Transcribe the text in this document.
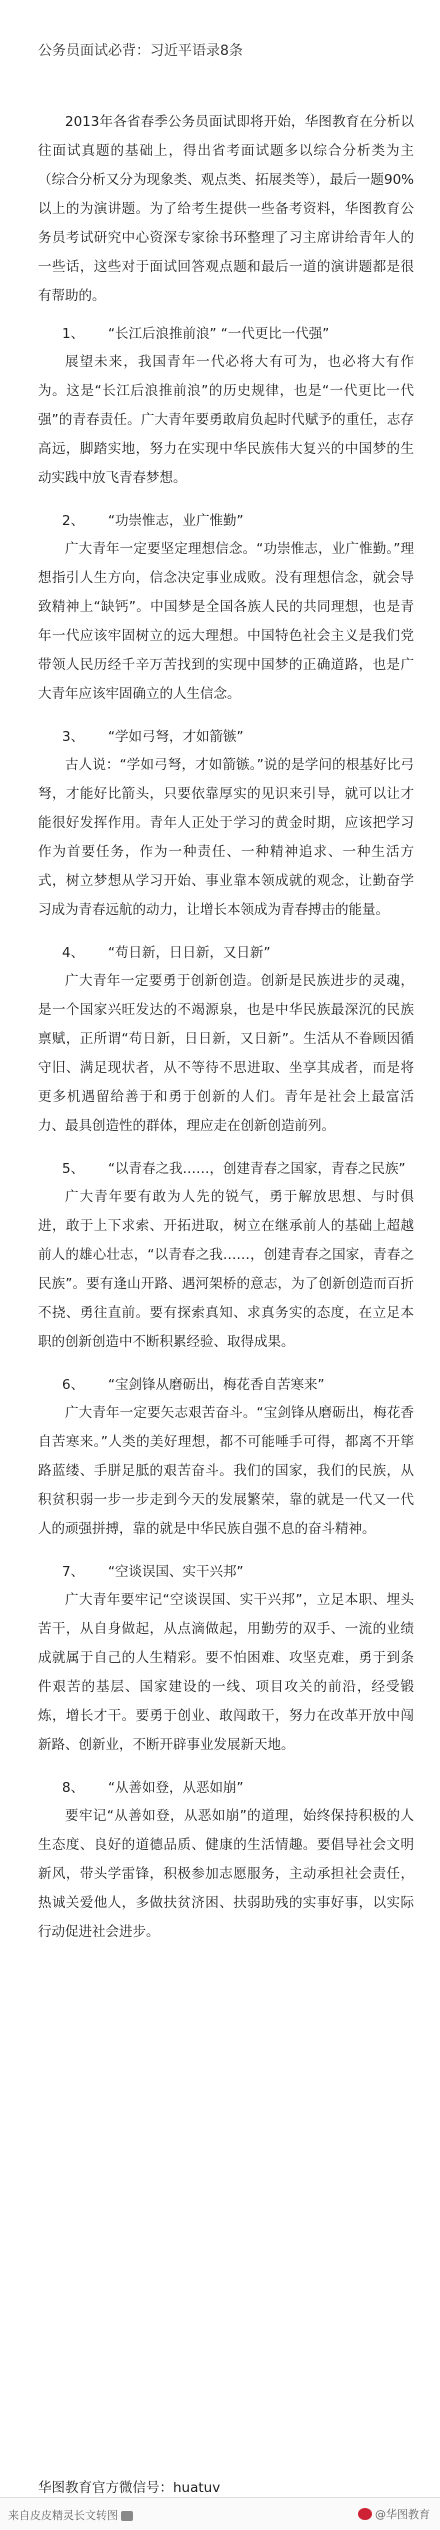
公务员面试必背：习近平语录8条

2013年各省春季公务员面试即将开始，华图教育在分析以往面试真题的基础上，得出省考面试题多以综合分析类为主（综合分析又分为现象类、观点类、拓展类等），最后一题90%以上的为演讲题。为了给考生提供一些备考资料，华图教育公务员考试研究中心资深专家徐书环整理了习主席讲给青年人的一些话，这些对于面试回答观点题和最后一道的演讲题都是很有帮助的。

1、 “长江后浪推前浪” “一代更比一代强”

展望未来，我国青年一代必将大有可为，也必将大有作为。这是“长江后浪推前浪”的历史规律，也是“一代更比一代强”的青春责任。广大青年要勇敢肩负起时代赋予的重任，志存高远，脚踏实地，努力在实现中华民族伟大复兴的中国梦的生动实践中放飞青春梦想。

2、 “功崇惟志，业广惟勤”

广大青年一定要坚定理想信念。“功崇惟志，业广惟勤。”理想指引人生方向，信念决定事业成败。没有理想信念，就会导致精神上“缺钙”。中国梦是全国各族人民的共同理想，也是青年一代应该牢固树立的远大理想。中国特色社会主义是我们党带领人民历经千辛万苦找到的实现中国梦的正确道路，也是广大青年应该牢固确立的人生信念。

3、 “学如弓弩，才如箭镞”

古人说：“学如弓弩，才如箭镞。”说的是学问的根基好比弓弩，才能好比箭头，只要依靠厚实的见识来引导，就可以让才能很好发挥作用。青年人正处于学习的黄金时期，应该把学习作为首要任务，作为一种责任、一种精神追求、一种生活方式，树立梦想从学习开始、事业靠本领成就的观念，让勤奋学习成为青春远航的动力，让增长本领成为青春搏击的能量。

4、 “苟日新，日日新，又日新”

广大青年一定要勇于创新创造。创新是民族进步的灵魂，是一个国家兴旺发达的不竭源泉，也是中华民族最深沉的民族禀赋，正所谓“苟日新，日日新，又日新”。生活从不眷顾因循守旧、满足现状者，从不等待不思进取、坐享其成者，而是将更多机遇留给善于和勇于创新的人们。青年是社会上最富活力、最具创造性的群体，理应走在创新创造前列。

5、 “以青春之我……，创建青春之国家，青春之民族”

广大青年要有敢为人先的锐气，勇于解放思想、与时俱进，敢于上下求索、开拓进取，树立在继承前人的基础上超越前人的雄心壮志，“以青春之我……，创建青春之国家，青春之民族”。要有逢山开路、遇河架桥的意志，为了创新创造而百折不挠、勇往直前。要有探索真知、求真务实的态度，在立足本职的创新创造中不断积累经验、取得成果。

6、 “宝剑锋从磨砺出，梅花香自苦寒来”

广大青年一定要矢志艰苦奋斗。“宝剑锋从磨砺出，梅花香自苦寒来。”人类的美好理想，都不可能唾手可得，都离不开筚路蓝缕、手胼足胝的艰苦奋斗。我们的国家，我们的民族，从积贫积弱一步一步走到今天的发展繁荣，靠的就是一代又一代人的顽强拼搏，靠的就是中华民族自强不息的奋斗精神。

7、 “空谈误国、实干兴邦”

广大青年要牢记“空谈误国、实干兴邦”，立足本职、埋头苦干，从自身做起，从点滴做起，用勤劳的双手、一流的业绩成就属于自己的人生精彩。要不怕困难、攻坚克难，勇于到条件艰苦的基层、国家建设的一线、项目攻关的前沿，经受锻炼，增长才干。要勇于创业、敢闯敢干，努力在改革开放中闯新路、创新业，不断开辟事业发展新天地。

8、 “从善如登，从恶如崩”

要牢记“从善如登，从恶如崩”的道理，始终保持积极的人生态度、良好的道德品质、健康的生活情趣。要倡导社会文明新风，带头学雷锋，积极参加志愿服务，主动承担社会责任，热诚关爱他人，多做扶贫济困、扶弱助残的实事好事，以实际行动促进社会进步。

华图教育官方微信号：huatuv

来自皮皮精灵长文转图	@华图教育
